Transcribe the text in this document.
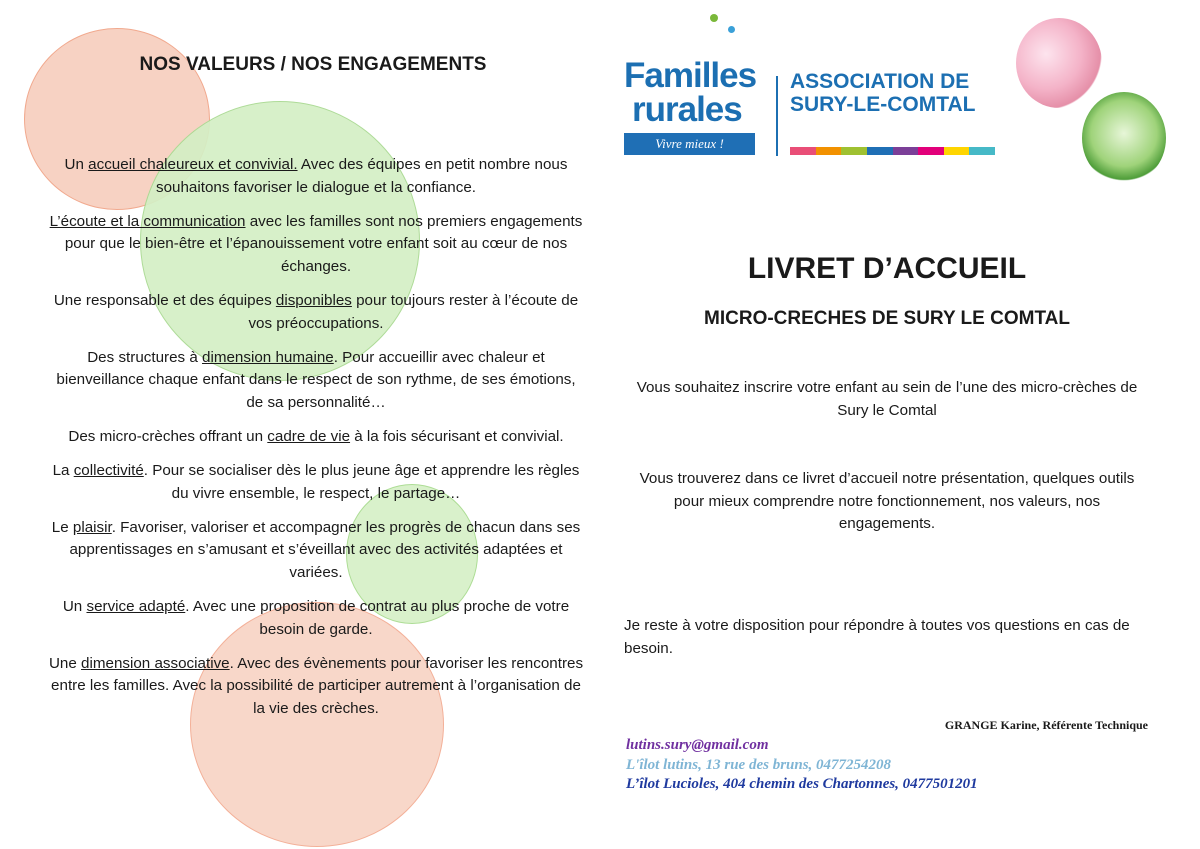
NOS VALEURS / NOS ENGAGEMENTS

Un accueil chaleureux et convivial. Avec des équipes en petit nombre nous souhaitons favoriser le dialogue et la confiance.

L’écoute et la communication avec les familles sont nos premiers engagements pour que le bien-être et l’épanouissement votre enfant soit au cœur de nos échanges.

Une responsable et des équipes disponibles pour toujours rester à l’écoute de vos préoccupations.

Des structures à dimension humaine. Pour accueillir avec chaleur et bienveillance chaque enfant dans le respect de son rythme, de ses émotions, de sa personnalité…

Des micro-crèches offrant un cadre de vie à la fois sécurisant et convivial.

La collectivité. Pour se socialiser dès le plus jeune âge et apprendre les règles du vivre ensemble, le respect, le partage…

Le plaisir. Favoriser, valoriser et accompagner les progrès de chacun dans ses apprentissages en s’amusant et s’éveillant avec des activités adaptées et variées.

Un service adapté. Avec une proposition de contrat au plus proche de votre besoin de garde.

Une dimension associative. Avec des évènements pour favoriser les rencontres entre les familles. Avec la possibilité de participer autrement à l’organisation de la vie des crèches.

Familles
rurales
Vivre mieux !
ASSOCIATION DE
SURY-LE-COMTAL
LIVRET D’ACCUEIL
MICRO-CRECHES DE SURY LE COMTAL
Vous souhaitez inscrire votre enfant au sein de l’une des micro-crèches de Sury le Comtal
Vous trouverez dans ce livret d’accueil notre présentation, quelques outils pour mieux comprendre notre fonctionnement, nos valeurs, nos engagements.
Je reste à votre disposition pour répondre à toutes vos questions en cas de besoin.
GRANGE Karine, Référente Technique
lutins.sury@gmail.com
L'îlot lutins, 13 rue des bruns, 0477254208
L’îlot Lucioles, 404 chemin des Chartonnes, 0477501201
